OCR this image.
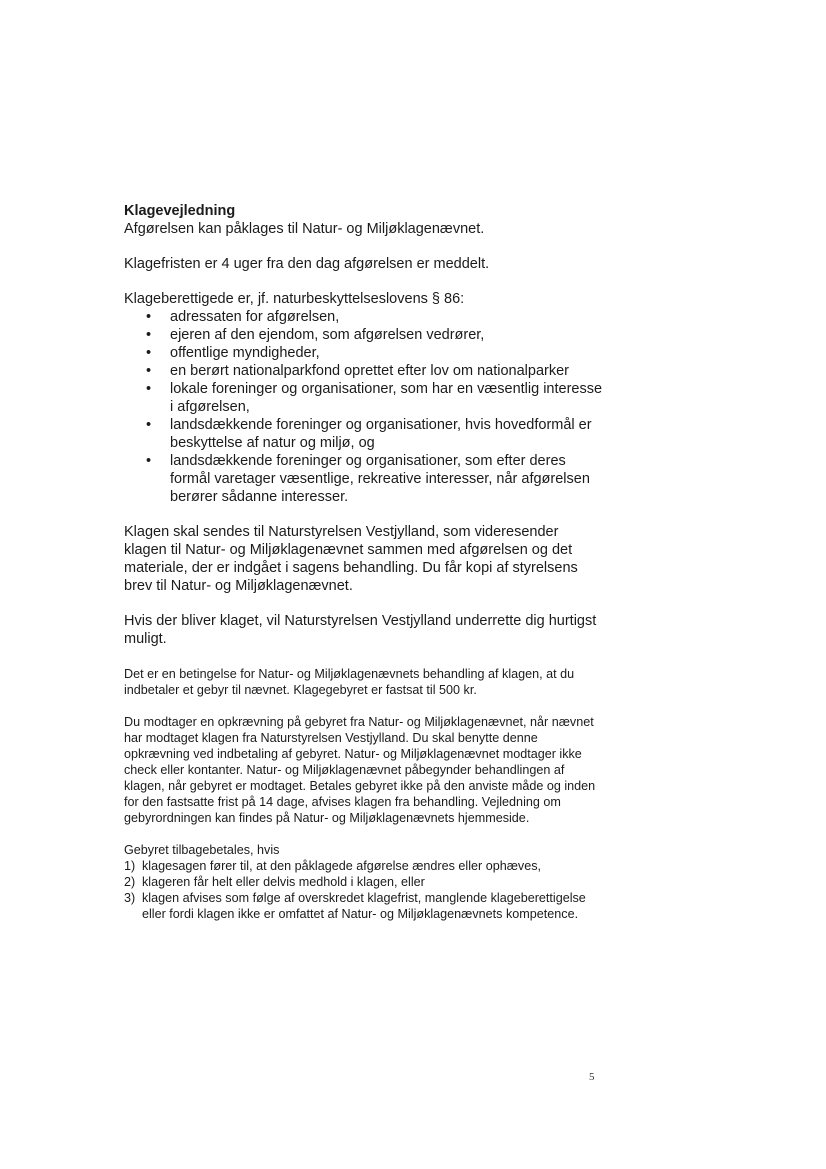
Klagevejledning

Afgørelsen kan påklages til Natur- og Miljøklagenævnet.

Klagefristen er 4 uger fra den dag afgørelsen er meddelt.

Klageberettigede er, jf. naturbeskyttelseslovens § 86:

• adressaten for afgørelsen,
• ejeren af den ejendom, som afgørelsen vedrører,
• offentlige myndigheder,
• en berørt nationalparkfond oprettet efter lov om nationalparker
• lokale foreninger og organisationer, som har en væsentlig interesse i afgørelsen,
• landsdækkende foreninger og organisationer, hvis hovedformål er beskyttelse af natur og miljø, og
• landsdækkende foreninger og organisationer, som efter deres formål varetager væsentlige, rekreative interesser, når afgørelsen berører sådanne interesser.

Klagen skal sendes til Naturstyrelsen Vestjylland, som videresender klagen til Natur- og Miljøklagenævnet sammen med afgørelsen og det materiale, der er indgået i sagens behandling. Du får kopi af styrelsens brev til Natur- og Miljøklagenævnet.

Hvis der bliver klaget, vil Naturstyrelsen Vestjylland underrette dig hurtigst muligt.

Det er en betingelse for Natur- og Miljøklagenævnets behandling af klagen, at du indbetaler et gebyr til nævnet. Klagegebyret er fastsat til 500 kr.

Du modtager en opkrævning på gebyret fra Natur- og Miljøklagenævnet, når nævnet har modtaget klagen fra Naturstyrelsen Vestjylland. Du skal benytte denne opkrævning ved indbetaling af gebyret. Natur- og Miljøklagenævnet modtager ikke check eller kontanter. Natur- og Miljøklagenævnet påbegynder behandlingen af klagen, når gebyret er modtaget. Betales gebyret ikke på den anviste måde og inden for den fastsatte frist på 14 dage, afvises klagen fra behandling. Vejledning om gebyrordningen kan findes på Natur- og Miljøklagenævnets hjemmeside.

Gebyret tilbagebetales, hvis

1) klagesagen fører til, at den påklagede afgørelse ændres eller ophæves,
2) klageren får helt eller delvis medhold i klagen, eller
3) klagen afvises som følge af overskredet klagefrist, manglende klageberettigelse eller fordi klagen ikke er omfattet af Natur- og Miljøklagenævnets kompetence.
5
